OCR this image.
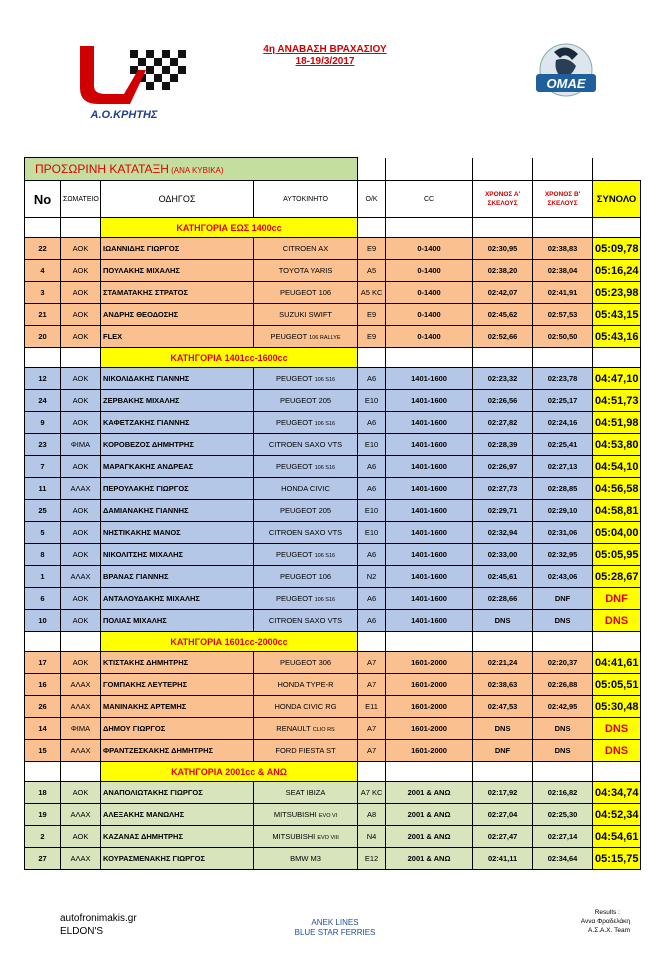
Α.Ο.ΚΡΗΤΗΣ
4η ΑΝΑΒΑΣΗ ΒΡΑΧΑΣΙΟΥ
18-19/3/2017
ΟΜΑΕ
ΠΡΟΣΩΡΙΝΗ ΚΑΤΑΤΑΞΗ (ΑΝΑ ΚΥΒΙΚΑ)								
No	ΣΩΜΑΤΕΙΟ	ΟΔΗΓΟΣ	ΑΥΤΟΚΙΝΗΤΟ	Ο/Κ	CC	ΧΡΟΝΟΣ Α' ΣΚΕΛΟΥΣ	ΧΡΟΝΟΣ Β' ΣΚΕΛΟΥΣ	ΣΥΝΟΛΟ
		ΚΑΤΗΓΟΡΙΑ ΕΩΣ 1400cc						
22	ΑΟΚ	ΙΩΑΝΝΙΔΗΣ ΓΙΩΡΓΟΣ	CITROEN AX	E9	0-1400	02:30,95	02:38,83	05:09,78
4	ΑΟΚ	ΠΟΥΛΑΚΗΣ ΜΙΧΑΛΗΣ	TOYOTA YARIS	A5	0-1400	02:38,20	02:38,04	05:16,24
3	ΑΟΚ	ΣΤΑΜΑΤΑΚΗΣ ΣΤΡΑΤΟΣ	PEUGEOT 106	A5 KC	0-1400	02:42,07	02:41,91	05:23,98
21	ΑΟΚ	ΑΝΔΡΗΣ ΘΕΟΔΟΣΗΣ	SUZUKI SWIFT	E9	0-1400	02:45,62	02:57,53	05:43,15
20	ΑΟΚ	FLEX	PEUGEOT 106 RALLYE	E9	0-1400	02:52,66	02:50,50	05:43,16
		ΚΑΤΗΓΟΡΙΑ 1401cc-1600cc						
12	ΑΟΚ	ΝΙΚΟΛΙΔΑΚΗΣ ΓΙΑΝΝΗΣ	PEUGEOT 106 S16	A6	1401-1600	02:23,32	02:23,78	04:47,10
24	ΑΟΚ	ΖΕΡΒΑΚΗΣ ΜΙΧΑΛΗΣ	PEUGEOT 205	E10	1401-1600	02:26,56	02:25,17	04:51,73
9	ΑΟΚ	ΚΑΦΕΤΖΑΚΗΣ ΓΙΑΝΝΗΣ	PEUGEOT 106 S16	A6	1401-1600	02:27,82	02:24,16	04:51,98
23	ΦΙΜΑ	ΚΟΡΟΒΕΖΟΣ ΔΗΜΗΤΡΗΣ	CITROEN SAXO VTS	E10	1401-1600	02:28,39	02:25,41	04:53,80
7	ΑΟΚ	ΜΑΡΑΓΚΑΚΗΣ ΑΝΔΡΕΑΣ	PEUGEOT 106 S16	A6	1401-1600	02:26,97	02:27,13	04:54,10
11	ΑΛΑΧ	ΠΕΡΟΥΛΑΚΗΣ ΓΙΩΡΓΟΣ	HONDA CIVIC	A6	1401-1600	02:27,73	02:28,85	04:56,58
25	ΑΟΚ	ΔΑΜΙΑΝΑΚΗΣ ΓΙΑΝΝΗΣ	PEUGEOT 205	E10	1401-1600	02:29,71	02:29,10	04:58,81
5	ΑΟΚ	ΝΗΣΤΙΚΑΚΗΣ ΜΑΝΟΣ	CITROEN SAXO VTS	E10	1401-1600	02:32,94	02:31,06	05:04,00
8	ΑΟΚ	ΝΙΚΟΛΙΤΣΗΣ ΜΙΧΑΛΗΣ	PEUGEOT 106 S16	A6	1401-1600	02:33,00	02:32,95	05:05,95
1	ΑΛΑΧ	ΒΡΑΝΑΣ ΓΙΑΝΝΗΣ	PEUGEOT 106	N2	1401-1600	02:45,61	02:43,06	05:28,67
6	ΑΟΚ	ΑΝΤΑΛΟΥΔΑΚΗΣ ΜΙΧΑΛΗΣ	PEUGEOT 106 S16	A6	1401-1600	02:28,66	DNF	DNF
10	ΑΟΚ	ΠΟΛΙΑΣ ΜΙΧΑΛΗΣ	CITROEN SAXO VTS	A6	1401-1600	DNS	DNS	DNS
		ΚΑΤΗΓΟΡΙΑ 1601cc-2000cc						
17	ΑΟΚ	ΚΤΙΣΤΑΚΗΣ ΔΗΜΗΤΡΗΣ	PEUGEOT 306	A7	1601-2000	02:21,24	02:20,37	04:41,61
16	ΑΛΑΧ	ΓΟΜΠΑΚΗΣ ΛΕΥΤΕΡΗΣ	HONDA TYPE-R	A7	1601-2000	02:38,63	02:26,88	05:05,51
26	ΑΛΑΧ	ΜΑΝΙΝΑΚΗΣ ΑΡΤΕΜΗΣ	HONDA CIVIC RG	E11	1601-2000	02:47,53	02:42,95	05:30,48
14	ΦΙΜΑ	ΔΗΜΟΥ ΓΙΩΡΓΟΣ	RENAULT CLIO RS	A7	1601-2000	DNS	DNS	DNS
15	ΑΛΑΧ	ΦΡΑΝΤΖΕΣΚΑΚΗΣ ΔΗΜΗΤΡΗΣ	FORD FIESTA ST	A7	1601-2000	DNF	DNS	DNS
		ΚΑΤΗΓΟΡΙΑ 2001cc & ΑΝΩ						
18	ΑΟΚ	ΑΝΑΠΟΛΙΩΤΑΚΗΣ ΓΙΩΡΓΟΣ	SEAT IBIZA	A7 KC	2001 & ΑΝΩ	02:17,92	02:16,82	04:34,74
19	ΑΛΑΧ	ΑΛΕΞΑΚΗΣ ΜΑΝΩΛΗΣ	MITSUBISHI EVO VI	A8	2001 & ΑΝΩ	02:27,04	02:25,30	04:52,34
2	ΑΟΚ	ΚΑΖΑΝΑΣ ΔΗΜΗΤΡΗΣ	MITSUBISHI EVO VIII	N4	2001 & ΑΝΩ	02:27,47	02:27,14	04:54,61
27	ΑΛΑΧ	ΚΟΥΡΑΣΜΕΝΑΚΗΣ ΓΙΩΡΓΟΣ	BMW M3	E12	2001 & ΑΝΩ	02:41,11	02:34,64	05:15,75
autofronimakis.gr
ELDON'S
ANEK LINES
BLUE STAR FERRIES
Results :
Αννα Φραδελάκη
Α.Σ.Α.Χ. Team
